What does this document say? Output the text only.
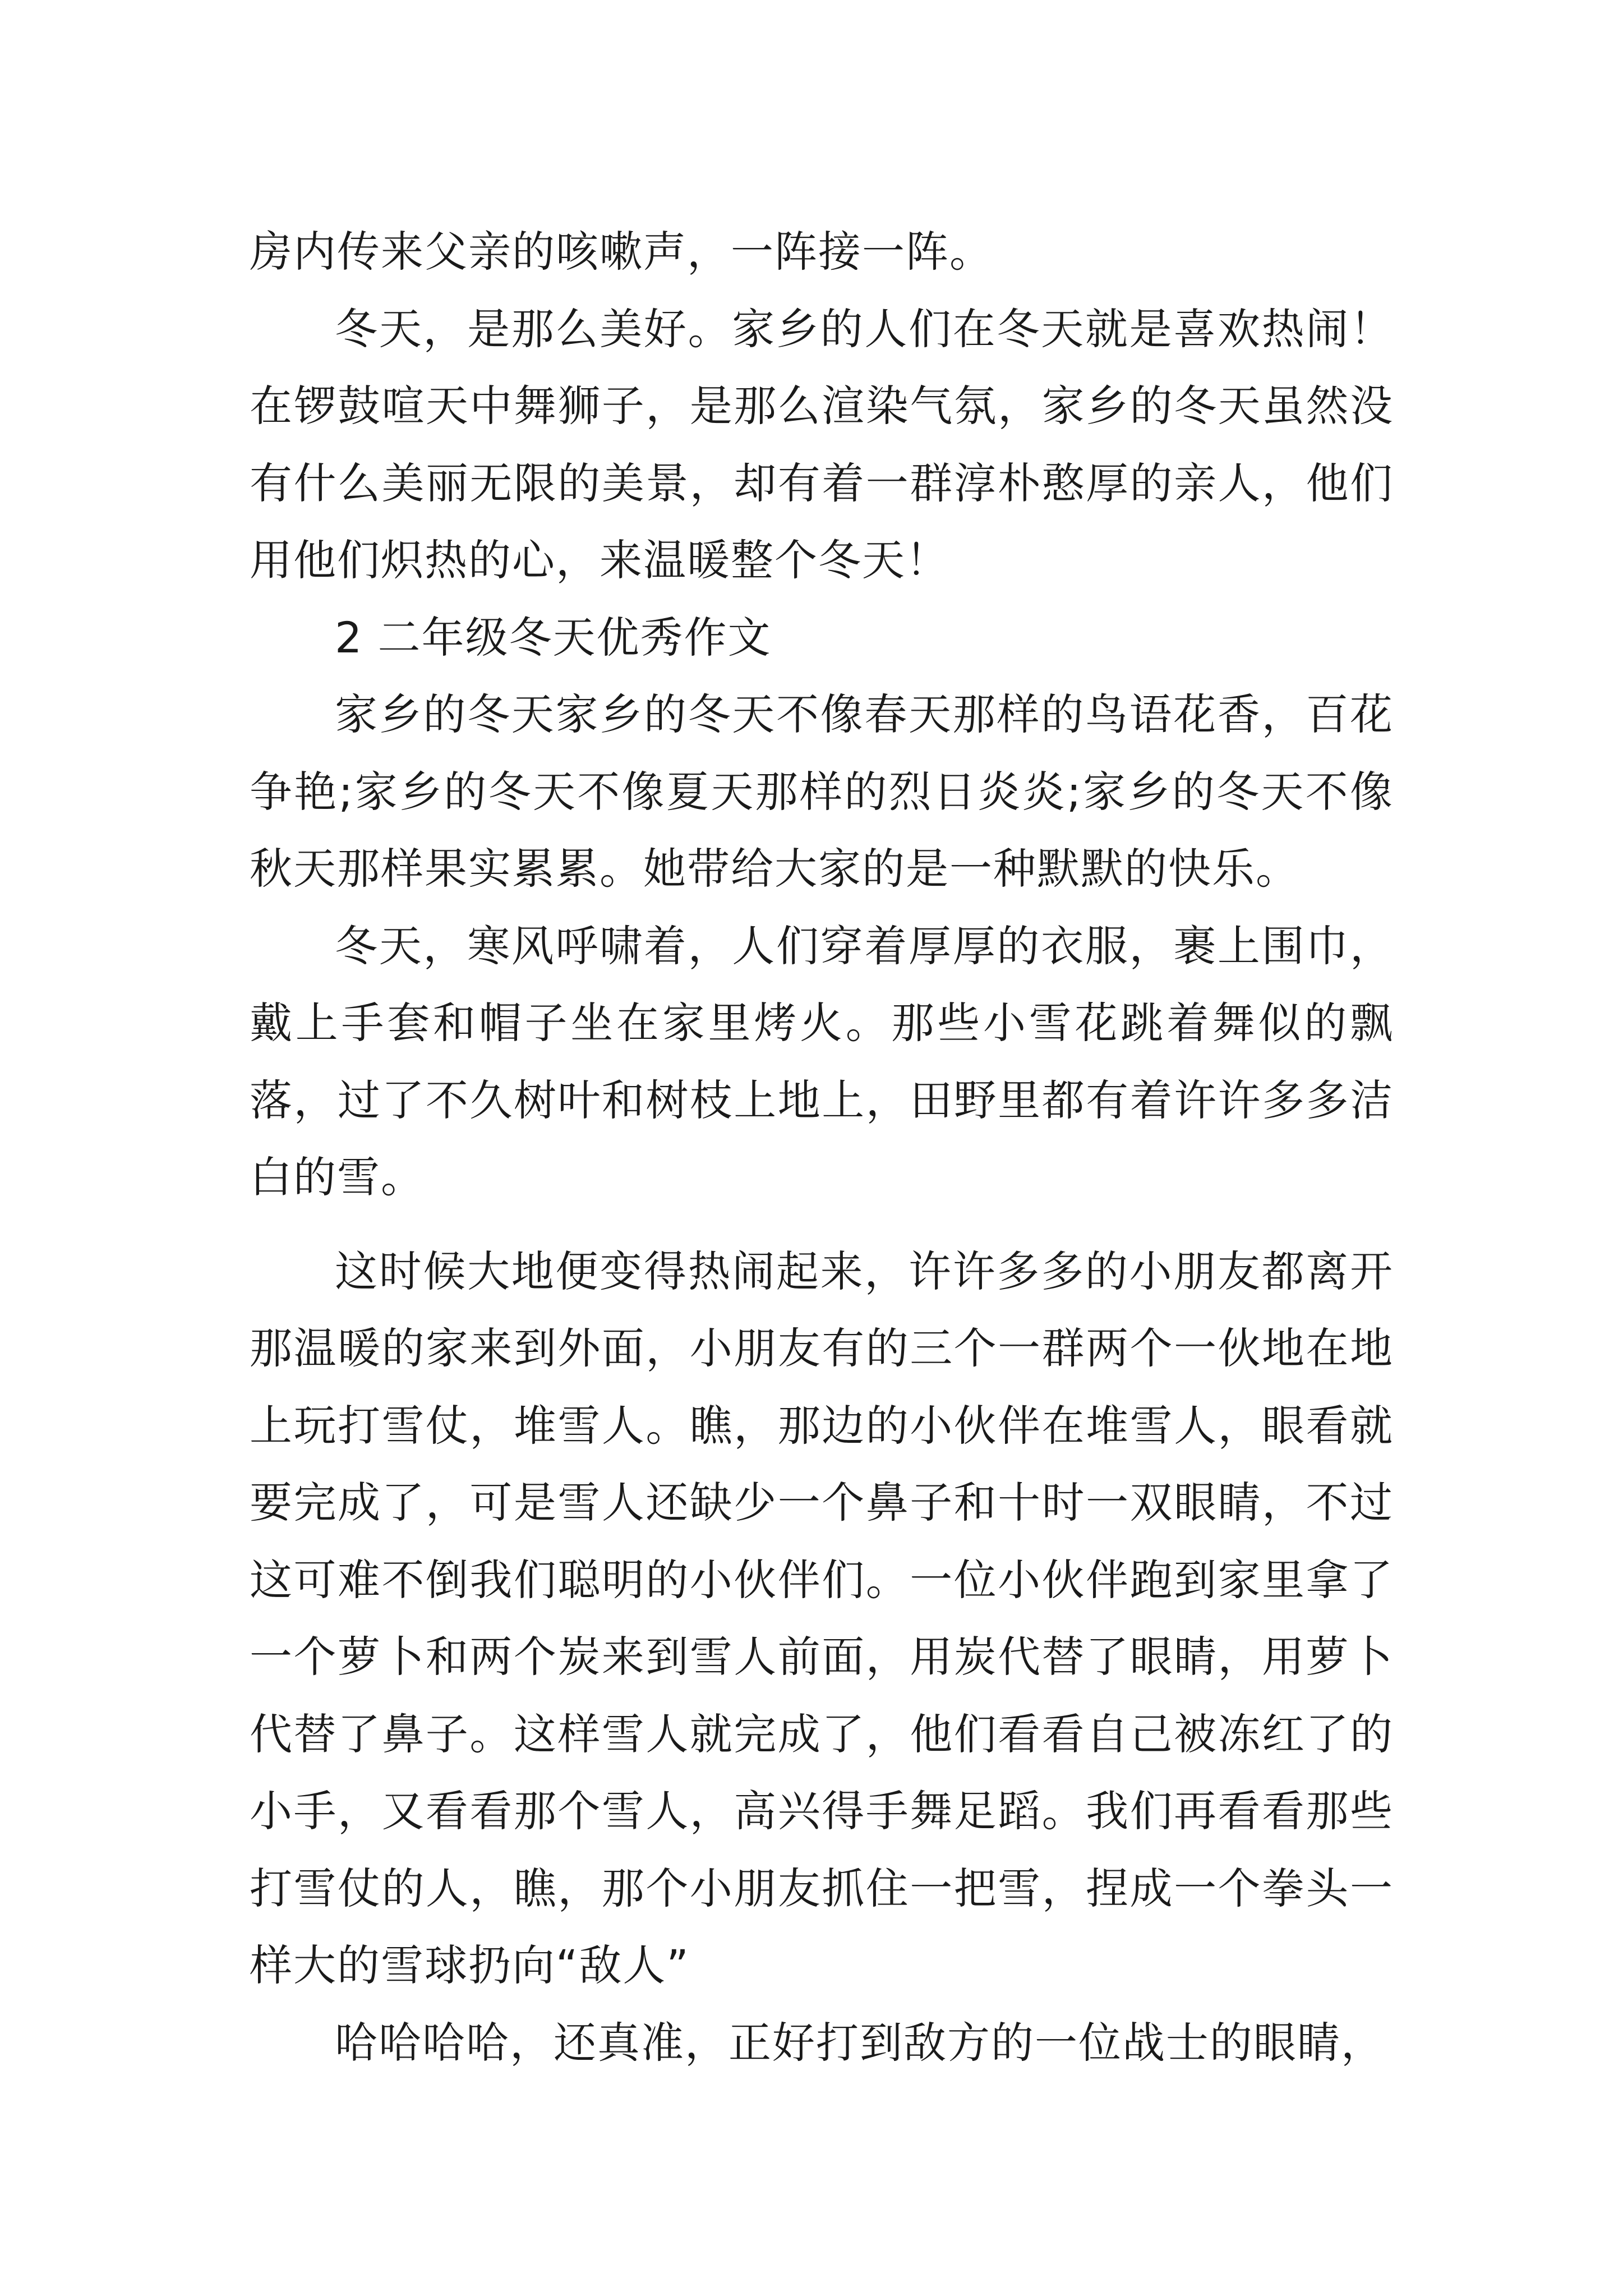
房内传来父亲的咳嗽声，一阵接一阵。

冬天，是那么美好。家乡的人们在冬天就是喜欢热闹！在锣鼓喧天中舞狮子，是那么渲染气氛，家乡的冬天虽然没有什么美丽无限的美景，却有着一群淳朴憨厚的亲人，他们用他们炽热的心，来温暖整个冬天！

2 二年级冬天优秀作文

家乡的冬天家乡的冬天不像春天那样的鸟语花香，百花争艳;家乡的冬天不像夏天那样的烈日炎炎;家乡的冬天不像秋天那样果实累累。她带给大家的是一种默默的快乐。

冬天，寒风呼啸着，人们穿着厚厚的衣服，裹上围巾，戴上手套和帽子坐在家里烤火。那些小雪花跳着舞似的飘落，过了不久树叶和树枝上地上，田野里都有着许许多多洁白的雪。

这时候大地便变得热闹起来，许许多多的小朋友都离开那温暖的家来到外面，小朋友有的三个一群两个一伙地在地上玩打雪仗，堆雪人。瞧，那边的小伙伴在堆雪人，眼看就要完成了，可是雪人还缺少一个鼻子和十时一双眼睛，不过这可难不倒我们聪明的小伙伴们。一位小伙伴跑到家里拿了一个萝卜和两个炭来到雪人前面，用炭代替了眼睛，用萝卜代替了鼻子。这样雪人就完成了，他们看看自己被冻红了的小手，又看看那个雪人，高兴得手舞足蹈。我们再看看那些打雪仗的人，瞧，那个小朋友抓住一把雪，捏成一个拳头一样大的雪球扔向“敌人”

哈哈哈哈，还真准，正好打到敌方的一位战士的眼睛，
